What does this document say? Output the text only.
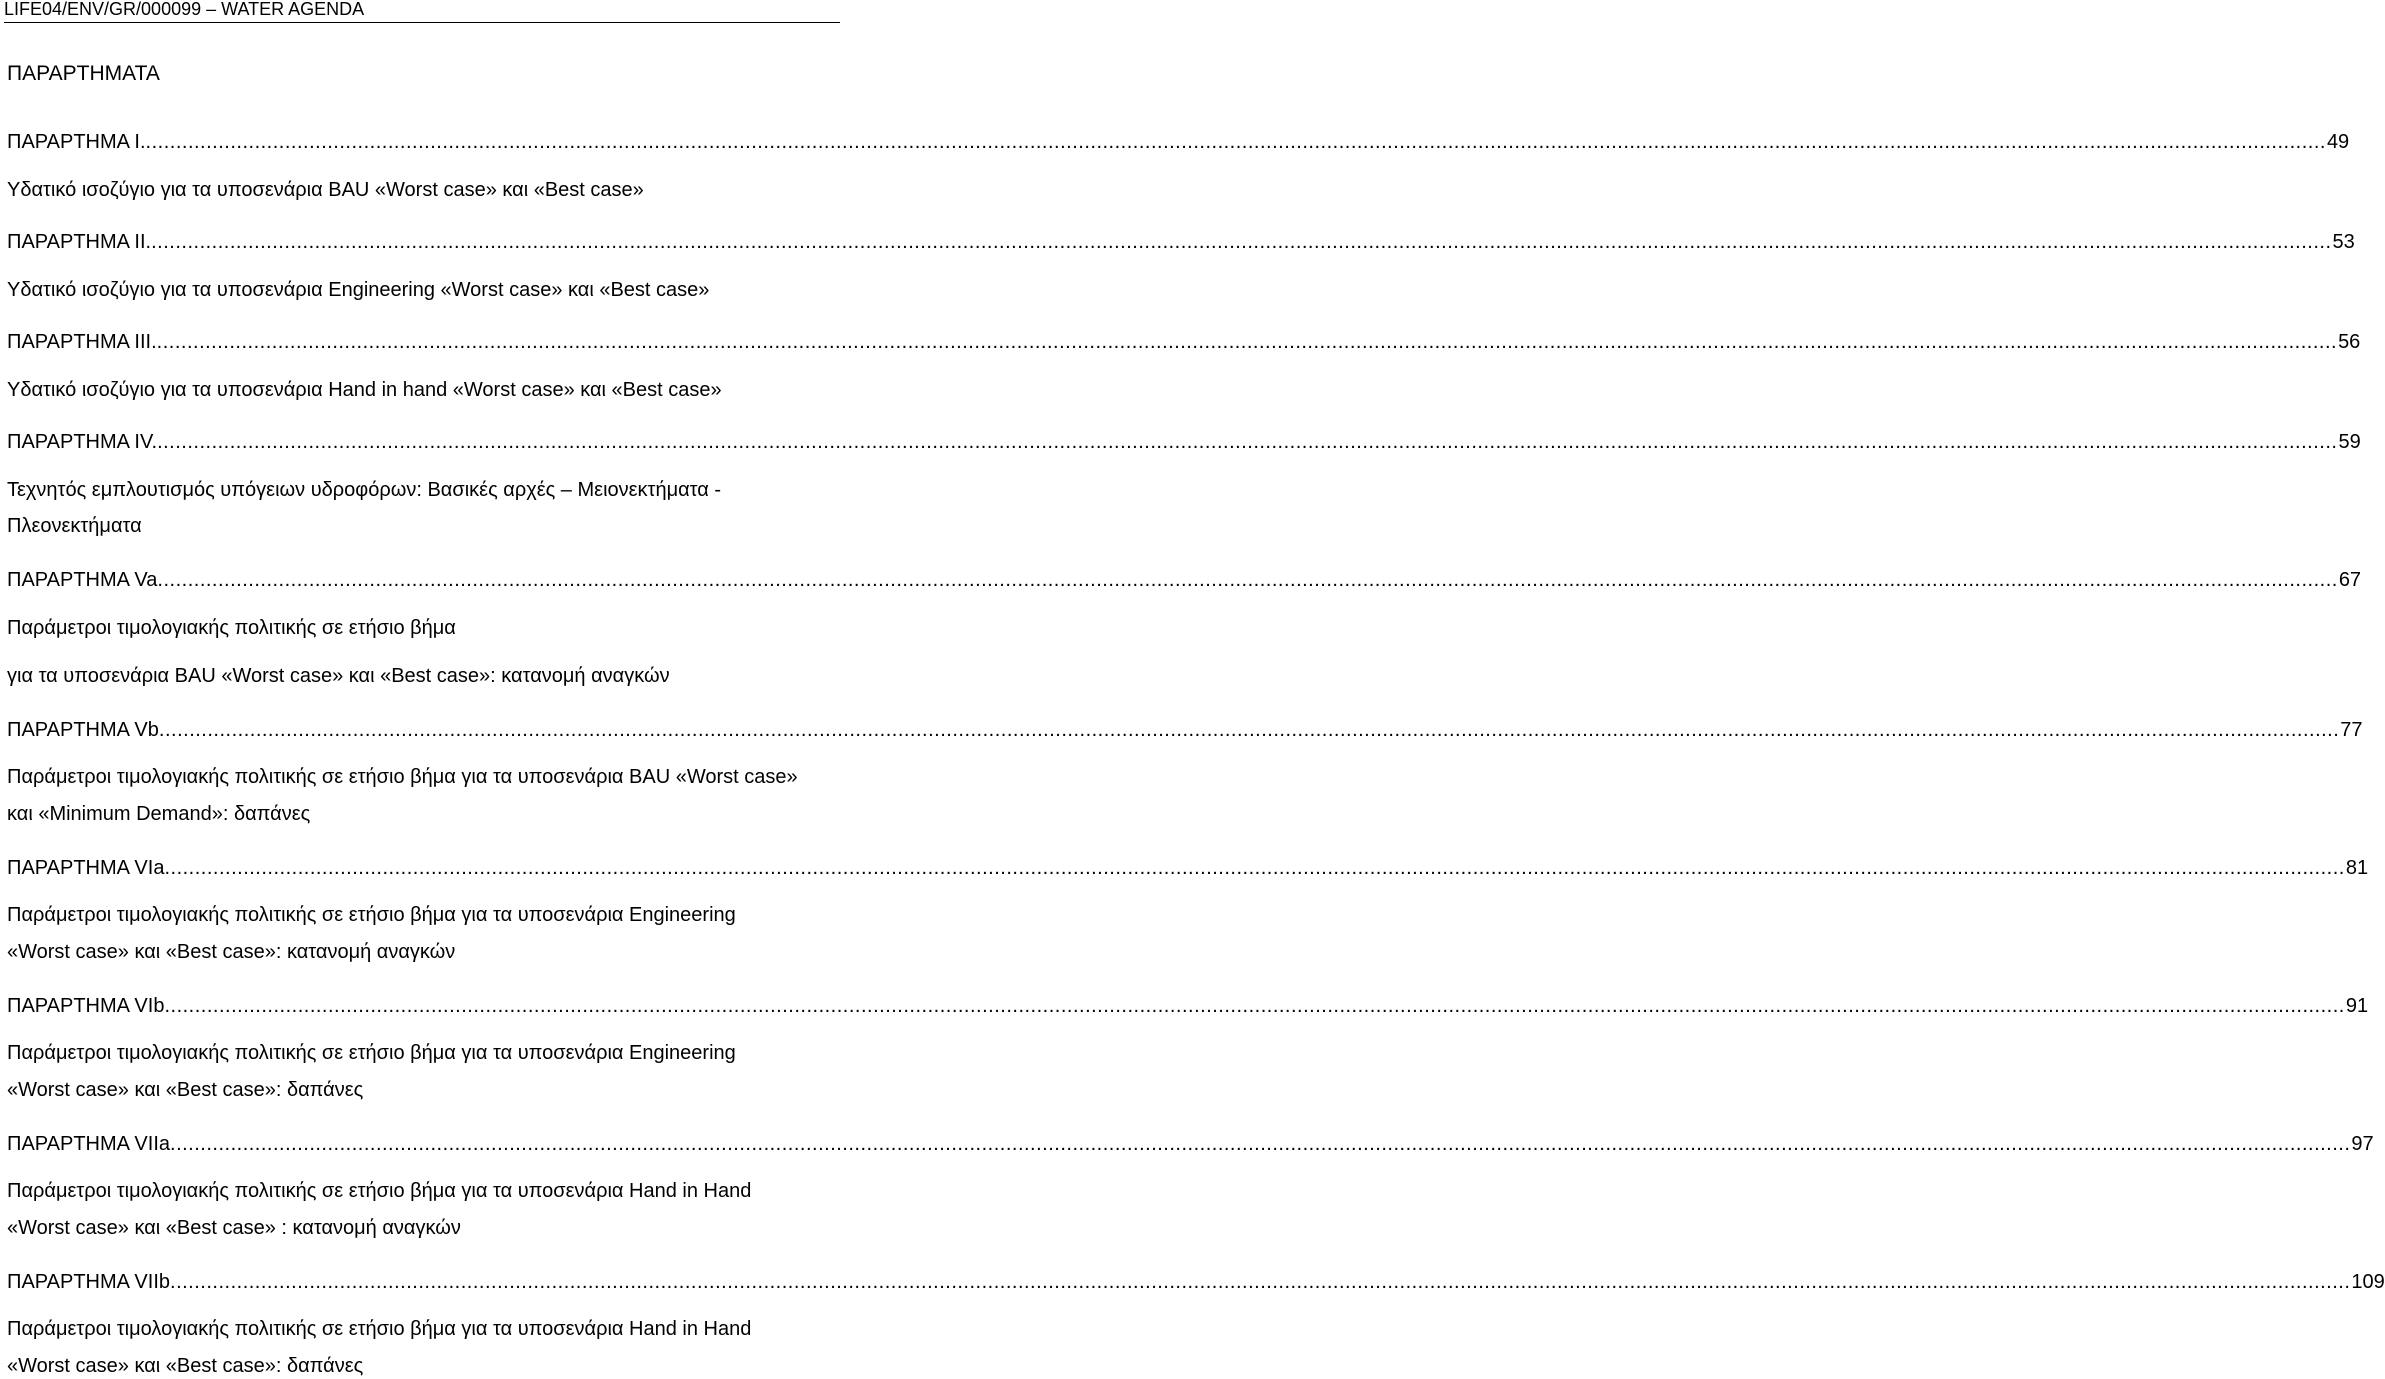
LIFE04/ENV/GR/000099 – WATER AGENDA
ΠΑΡΑΡΤΗΜΑΤΑ
ΠΑΡΑΡΤΗΜΑ I. ........................................................................................................................................................................................................................................................................................................................................................................ 49
Υδατικό ισοζύγιο για τα υποσενάρια BAU «Worst case» και «Best case»
ΠΑΡΑΡΤΗΜΑ II. ........................................................................................................................................................................................................................................................................................................................................................................ 53
Υδατικό ισοζύγιο για τα υποσενάρια Engineering «Worst case» και «Best case»
ΠΑΡΑΡΤΗΜΑ III. ........................................................................................................................................................................................................................................................................................................................................................................ 56
Υδατικό ισοζύγιο για τα υποσενάρια Hand in hand «Worst case» και «Best case»
ΠΑΡΑΡΤΗΜΑ IV. ........................................................................................................................................................................................................................................................................................................................................................................ 59
Τεχνητός εμπλουτισμός υπόγειων υδροφόρων: Βασικές αρχές – Μειονεκτήματα -
Πλεονεκτήματα
ΠΑΡΑΡΤΗΜΑ Va ........................................................................................................................................................................................................................................................................................................................................................................ 67
Παράμετροι τιμολογιακής πολιτικής σε ετήσιο βήμα
για τα υποσενάρια BAU «Worst case» και «Best case»: κατανομή αναγκών
ΠΑΡΑΡΤΗΜΑ Vb ........................................................................................................................................................................................................................................................................................................................................................................ 77
Παράμετροι τιμολογιακής πολιτικής σε ετήσιο βήμα για τα υποσενάρια BAU «Worst case»
και «Minimum Demand»: δαπάνες
ΠΑΡΑΡΤΗΜΑ VIa ........................................................................................................................................................................................................................................................................................................................................................................ 81
Παράμετροι τιμολογιακής πολιτικής σε ετήσιο βήμα για τα υποσενάρια Engineering
«Worst case» και «Best case»: κατανομή αναγκών
ΠΑΡΑΡΤΗΜΑ VIb ........................................................................................................................................................................................................................................................................................................................................................................ 91
Παράμετροι τιμολογιακής πολιτικής σε ετήσιο βήμα για τα υποσενάρια Engineering
«Worst case» και «Best case»: δαπάνες
ΠΑΡΑΡΤΗΜΑ VIIa ........................................................................................................................................................................................................................................................................................................................................................................ 97
Παράμετροι τιμολογιακής πολιτικής σε ετήσιο βήμα για τα υποσενάρια Hand in Hand
«Worst case» και «Best case» : κατανομή αναγκών
ΠΑΡΑΡΤΗΜΑ VIIb ........................................................................................................................................................................................................................................................................................................................................................................ 109
Παράμετροι τιμολογιακής πολιτικής σε ετήσιο βήμα για τα υποσενάρια Hand in Hand
«Worst case» και «Best case»: δαπάνες
